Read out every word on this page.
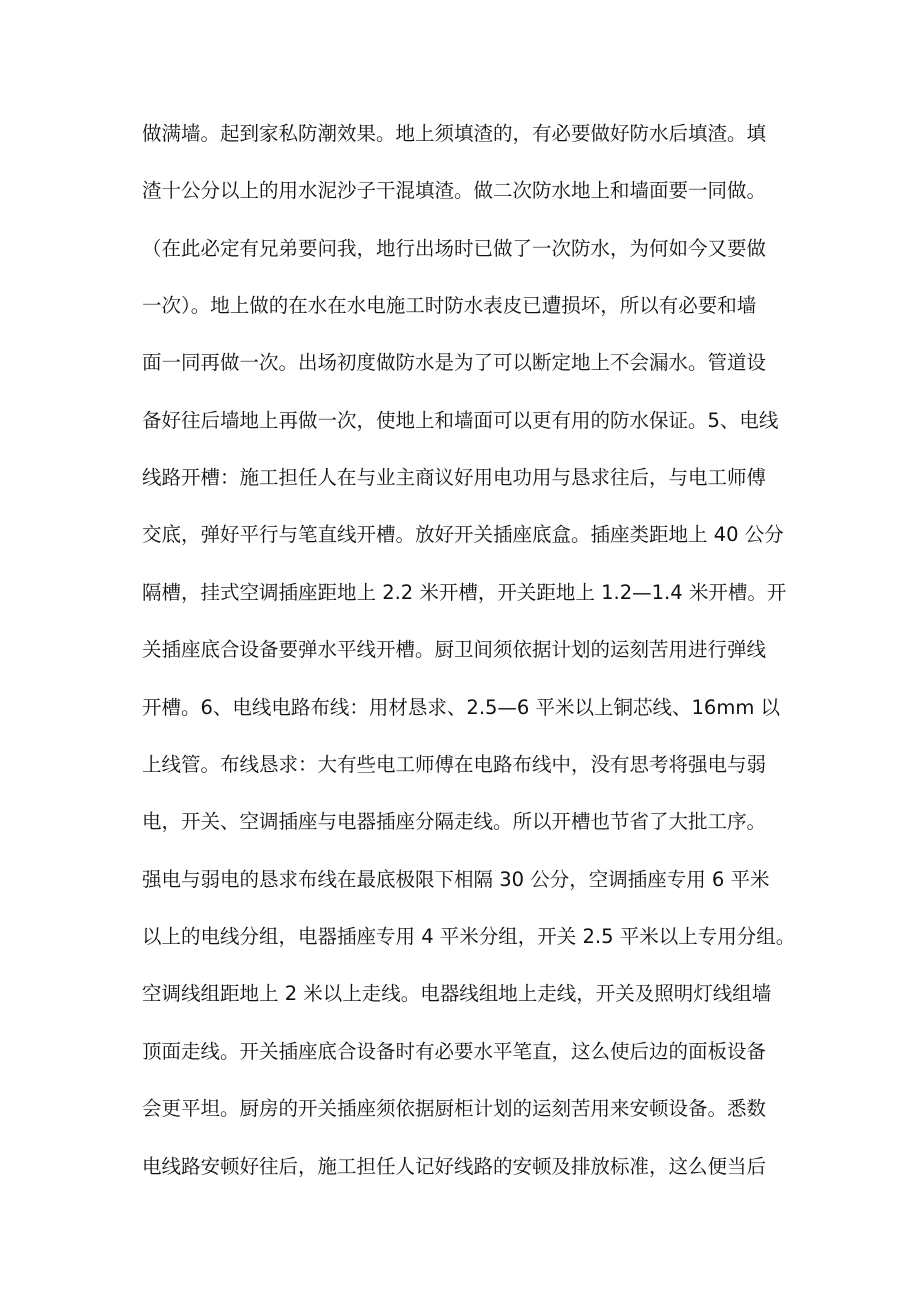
做满墙。起到家私防潮效果。地上须填渣的，有必要做好防水后填渣。填
渣十公分以上的用水泥沙子干混填渣。做二次防水地上和墙面要一同做。
（在此必定有兄弟要问我，地行出场时已做了一次防水，为何如今又要做
一次）。地上做的在水在水电施工时防水表皮已遭损坏，所以有必要和墙
面一同再做一次。出场初度做防水是为了可以断定地上不会漏水。管道设
备好往后墙地上再做一次，使地上和墙面可以更有用的防水保证。5、电线
线路开槽：施工担任人在与业主商议好用电功用与恳求往后，与电工师傅
交底，弹好平行与笔直线开槽。放好开关插座底盒。插座类距地上 40 公分
隔槽，挂式空调插座距地上 2.2 米开槽，开关距地上 1.2—1.4 米开槽。开
关插座底合设备要弹水平线开槽。厨卫间须依据计划的运刻苦用进行弹线
开槽。6、电线电路布线：用材恳求、2.5—6 平米以上铜芯线、16mm 以
上线管。布线恳求：大有些电工师傅在电路布线中，没有思考将强电与弱
电，开关、空调插座与电器插座分隔走线。所以开槽也节省了大批工序。
强电与弱电的恳求布线在最底极限下相隔 30 公分，空调插座专用 6 平米
以上的电线分组，电器插座专用 4 平米分组，开关 2.5 平米以上专用分组。
空调线组距地上 2 米以上走线。电器线组地上走线，开关及照明灯线组墙
顶面走线。开关插座底合设备时有必要水平笔直，这么使后边的面板设备
会更平坦。厨房的开关插座须依据厨柜计划的运刻苦用来安顿设备。悉数
电线路安顿好往后，施工担任人记好线路的安顿及排放标准，这么便当后
